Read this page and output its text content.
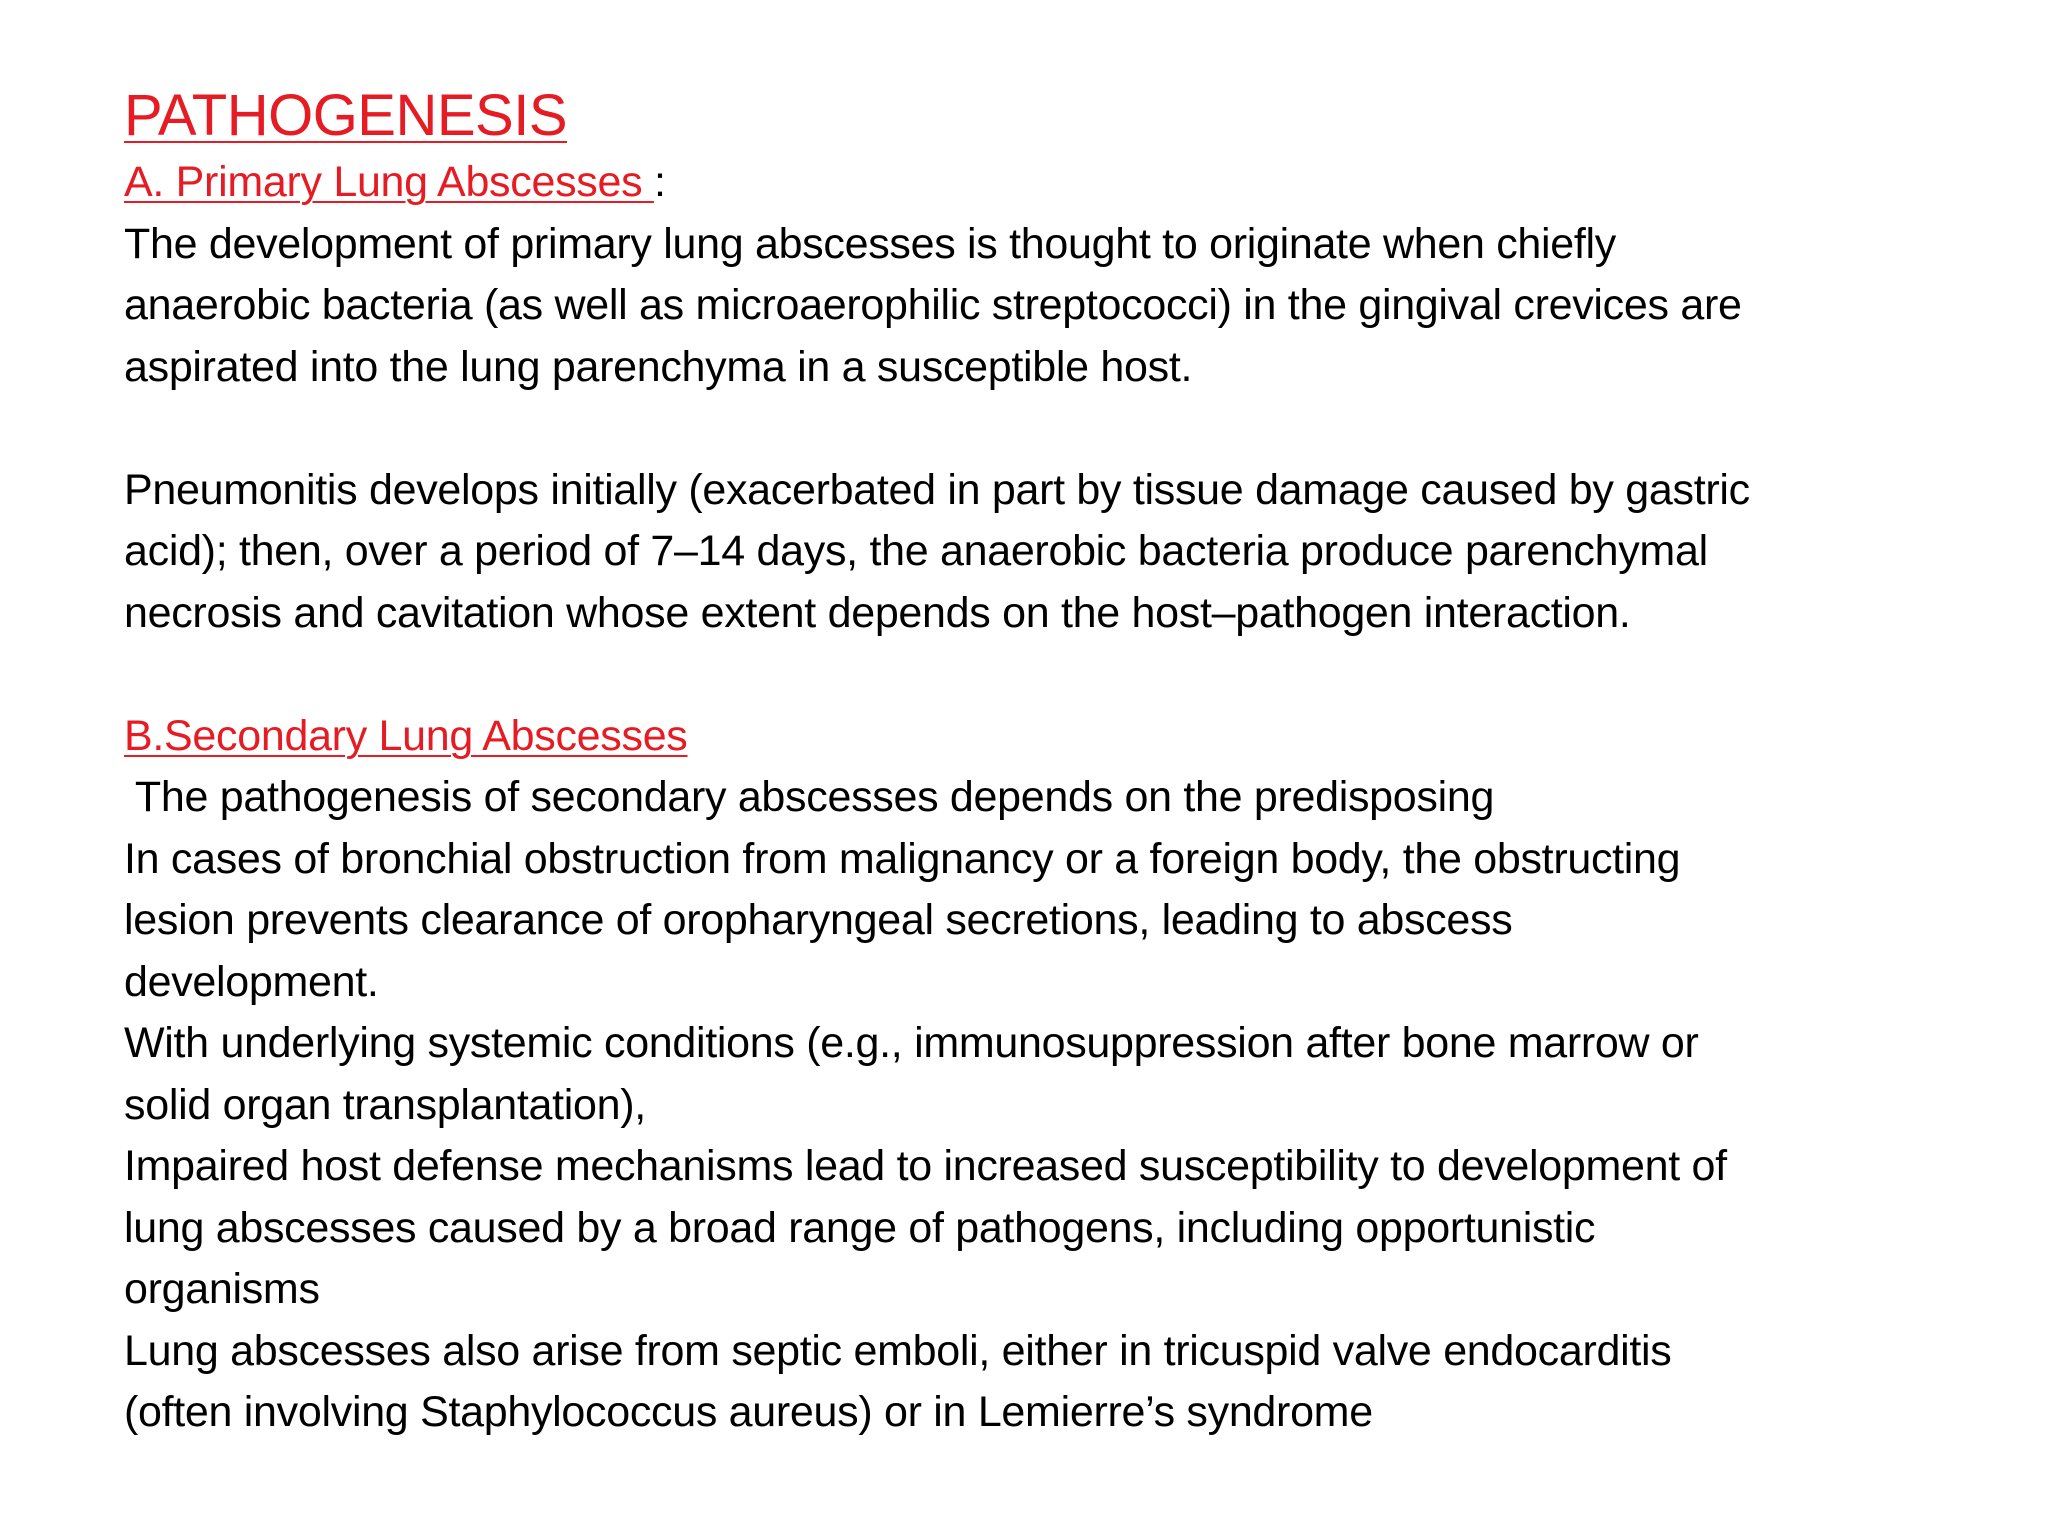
PATHOGENESIS

A. Primary Lung Abscesses :

The development of primary lung abscesses is thought to originate when chiefly

anaerobic bacteria (as well as microaerophilic streptococci) in the gingival crevices are

aspirated into the lung parenchyma in a susceptible host.

Pneumonitis develops initially (exacerbated in part by tissue damage caused by gastric

acid); then, over a period of 7–14 days, the anaerobic bacteria produce parenchymal

necrosis and cavitation whose extent depends on the host–pathogen interaction.

B.Secondary Lung Abscesses

The pathogenesis of secondary abscesses depends on the predisposing

In cases of bronchial obstruction from malignancy or a foreign body, the obstructing

lesion prevents clearance of oropharyngeal secretions, leading to abscess

development.

With underlying systemic conditions (e.g., immunosuppression after bone marrow or

solid organ transplantation),

Impaired host defense mechanisms lead to increased susceptibility to development of

lung abscesses caused by a broad range of pathogens, including opportunistic

organisms

Lung abscesses also arise from septic emboli, either in tricuspid valve endocarditis

(often involving Staphylococcus aureus) or in Lemierre’s syndrome
